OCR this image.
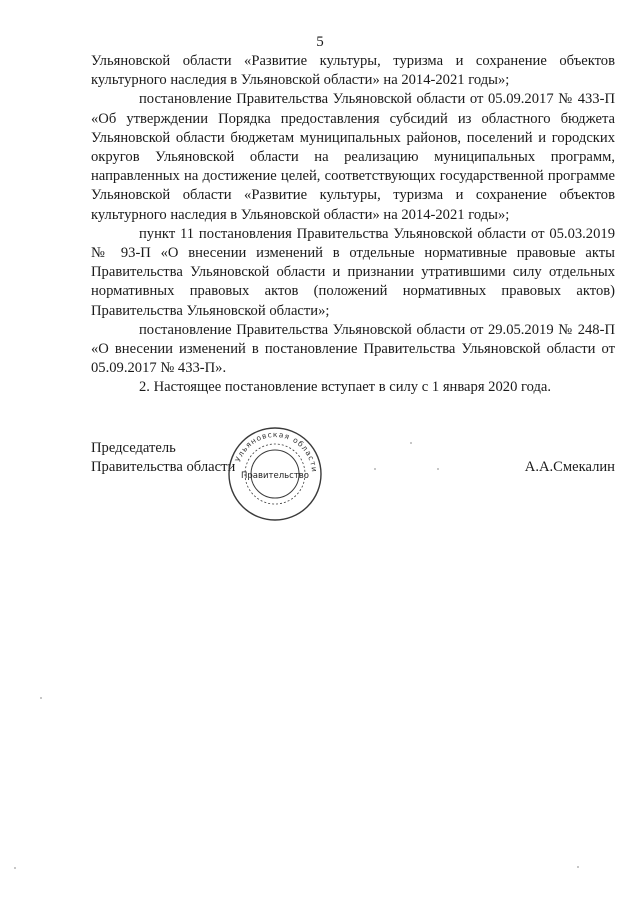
5

Ульяновской области «Развитие культуры, туризма и сохранение объектов культурного наследия в Ульяновской области» на 2014-2021 годы»;

постановление Правительства Ульяновской области от 05.09.2017 № 433-П «Об утверждении Порядка предоставления субсидий из областного бюджета Ульяновской области бюджетам муниципальных районов, поселений и городских округов Ульяновской области на реализацию муниципальных программ, направленных на достижение целей, соответствующих государственной программе Ульяновской области «Развитие культуры, туризма и сохранение объектов культурного наследия в Ульяновской области» на 2014-2021 годы»;

пункт 11 постановления Правительства Ульяновской области от 05.03.2019 № 93-П «О внесении изменений в отдельные нормативные правовые акты Правительства Ульяновской области и признании утратившими силу отдельных нормативных правовых актов (положений нормативных правовых актов) Правительства Ульяновской области»;

постановление Правительства Ульяновской области от 29.05.2019 № 248-П «О внесении изменений в постановление Правительства Ульяновской области от 05.09.2017 № 433-П».

2. Настоящее постановление вступает в силу с 1 января 2020 года.

Председатель
Правительства области	А.А.Смекалин
Ульяновская области
Правительство
